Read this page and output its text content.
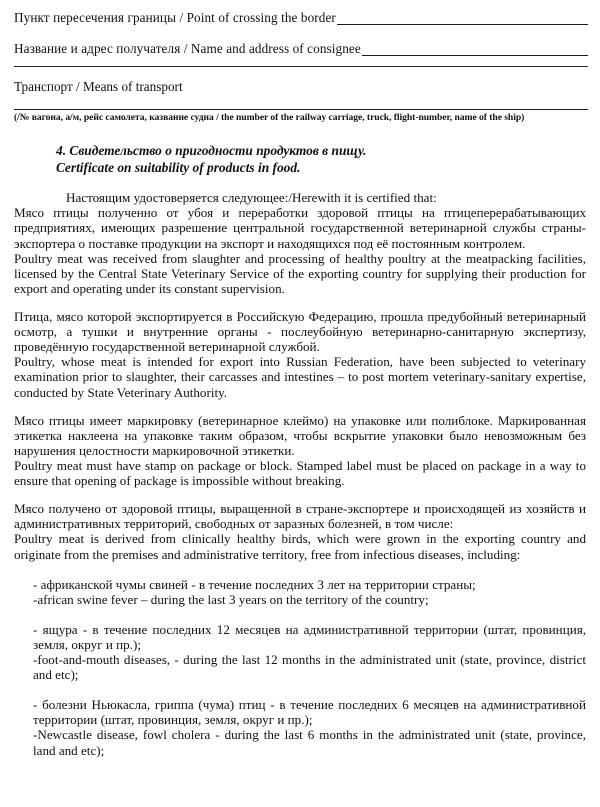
Пункт пересечения границы / Point of crossing the border
Название и адрес получателя / Name and address of consignee
Транспорт / Means of transport
(/№ вагона, а/м, рейс самолета, казвание судна / the number of the railway carriage, truck, flight-number, name of the ship)
4. Свидетельство о пригодности продуктов в пищу.
Certificate on suitability of products in food.

Настоящим удостоверяется следующее:/Herewith it is certified that:

Мясо птицы полученно от убоя и переработки здоровой птицы на птицеперерабатывающих предприятиях, имеющих разрешение центральной государственной ветеринарной службы страны-экспортера о поставке продукции на экспорт и находящихся под её постоянным контролем.

Poultry meat was received from slaughter and processing of healthy poultry at the meatpacking facilities, licensed by the Central State Veterinary Service of the exporting country for supplying their production for export and operating under its constant supervision.

Птица, мясо которой экспортируется в Российскую Федерацию, прошла предубойный ветеринарный осмотр, а тушки и внутренние органы - послеубойную ветеринарно-санитарную экспертизу, проведённую государственной ветеринарной службой.

Poultry, whose meat is intended for export into Russian Federation, have been subjected to veterinary examination prior to slaughter, their carcasses and intestines – to post mortem veterinary-sanitary expertise, conducted by State Veterinary Authority.

Мясо птицы имеет маркировку (ветеринарное клеймо) на упаковке или полиблоке. Маркированная этикетка наклеена на упаковке таким образом, чтобы вскрытие упаковки было невозможным без нарушения целостности маркировочной этикетки.

Poultry meat must have stamp on package or block. Stamped label must be placed on package in a way to ensure that opening of package is impossible without breaking.

Мясо получено от здоровой птицы, выращенной в стране-экспортере и происходящей из хозяйств и административных территорий, свободных от заразных болезней, в том числе:

Poultry meat is derived from clinically healthy birds, which were grown in the exporting country and originate from the premises and administrative territory, free from infectious diseases, including:

- африканской чумы свиней - в течение последних 3 лет на территории страны;

-african swine fever – during the last 3 years on the territory of the country;

- ящура - в течение последних 12 месяцев на административной территории (штат, провинция, земля, округ и пр.);

-foot-and-mouth diseases, - during the last 12 months in the administrated unit (state, province, district and etc);

- болезни Ньюкасла, гриппа (чума) птиц - в течение последних 6 месяцев на административной территории (штат, провинция, земля, округ и пр.);

-Newcastle disease, fowl cholera - during the last 6 months in the administrated unit (state, province, land and etc);
